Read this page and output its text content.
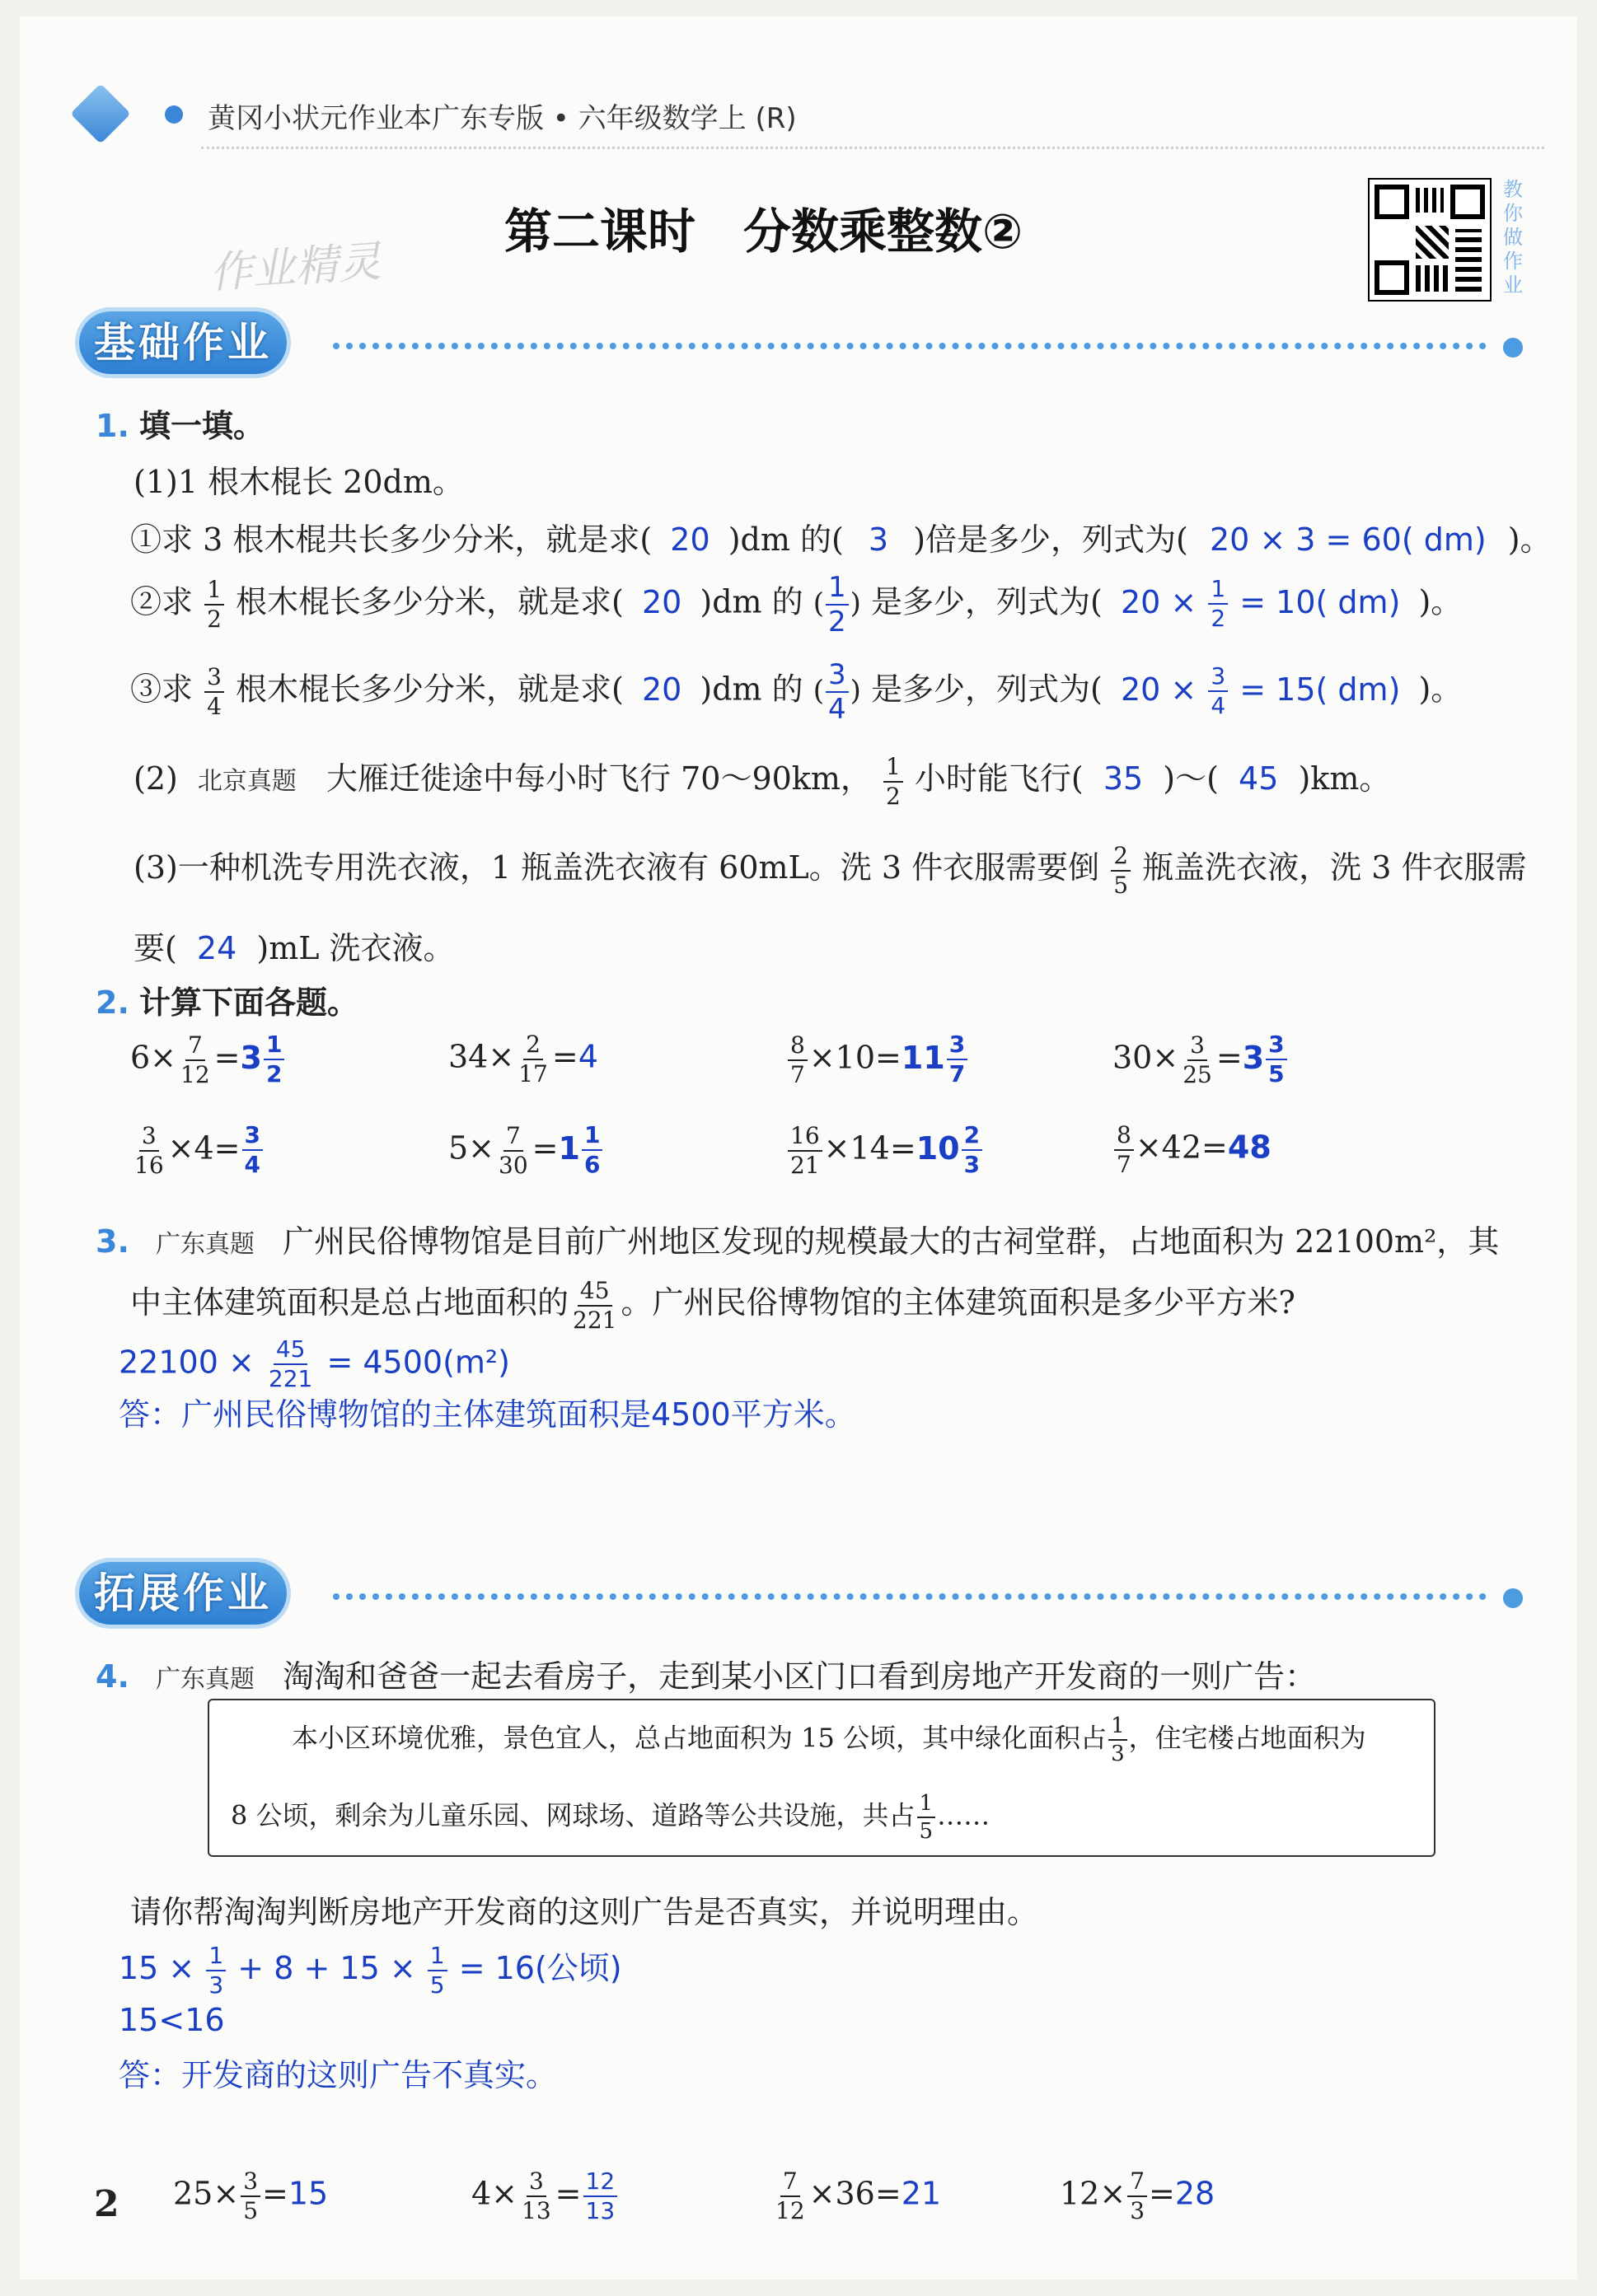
黄冈小状元作业本广东专版 • 六年级数学上 (R)
作业精灵
第二课时　分数乘整数②
教你做作业
基础作业
1. 填一填。
(1)1 根木棍长 20dm。
①求 3 根木棍共长多少分米，就是求( 20 )dm 的( 3 )倍是多少，列式为( 20 × 3 = 60( dm) )。
②求 $\frac{1}{2}$ 根木棍长多少分米，就是求( 20 )dm 的 ( $\frac{1}{2}$ ) 是多少，列式为( $20 \times \frac{1}{2} = 10$( dm) )。
③求 $\frac{3}{4}$ 根木棍长多少分米，就是求( 20 )dm 的 ( $\frac{3}{4}$ ) 是多少，列式为( $20 \times \frac{3}{4} = 15$( dm) )。
(2) 北京真题 大雁迁徙途中每小时飞行 70～90km， $\frac{1}{2}$ 小时能飞行( 35 )～( 45 )km。
(3)一种机洗专用洗衣液，1 瓶盖洗衣液有 60mL。洗 3 件衣服需要倒 $\frac{2}{5}$ 瓶盖洗衣液，洗 3 件衣服需
要( 24 )mL 洗衣液。
2. 计算下面各题。
$6\times \frac{7}{12} =3 \frac{1}{2}$	$34\times \frac{2}{17} =4$	$\frac{8}{7} \times 10=11 \frac{3}{7}$	$30\times \frac{3}{25} =3 \frac{3}{5}$
$\frac{3}{16} \times 4= \frac{3}{4}$	$5\times \frac{7}{30} =1 \frac{1}{6}$	$\frac{16}{21} \times 14=10 \frac{2}{3}$	$\frac{8}{7} \times 42=48$
3. 广东真题 广州民俗博物馆是目前广州地区发现的规模最大的古祠堂群，占地面积为 22100m²，其
中主体建筑面积是总占地面积的 $\frac{45}{221}$ 。广州民俗博物馆的主体建筑面积是多少平方米?
$22100 \times \frac{45}{221} = 4500(m^2)$
答：广州民俗博物馆的主体建筑面积是4500平方米。
拓展作业
4. 广东真题 淘淘和爸爸一起去看房子，走到某小区门口看到房地产开发商的一则广告：
本小区环境优雅，景色宜人，总占地面积为 15 公顷，其中绿化面积占 $\frac{1}{3}$ ，住宅楼占地面积为
8 公顷，剩余为儿童乐园、网球场、道路等公共设施，共占 $\frac{1}{5}$ ……
请你帮淘淘判断房地产开发商的这则广告是否真实，并说明理由。
$15 \times \frac{1}{3} + 8 + 15 \times \frac{1}{5} = 16$(公顷)
15<16
答：开发商的这则广告不真实。
2 $25\times \frac{3}{5} =15$	$4\times \frac{3}{13} = \frac{12}{13}$	$\frac{7}{12} \times 36=21$	$12\times \frac{7}{3} =28$
